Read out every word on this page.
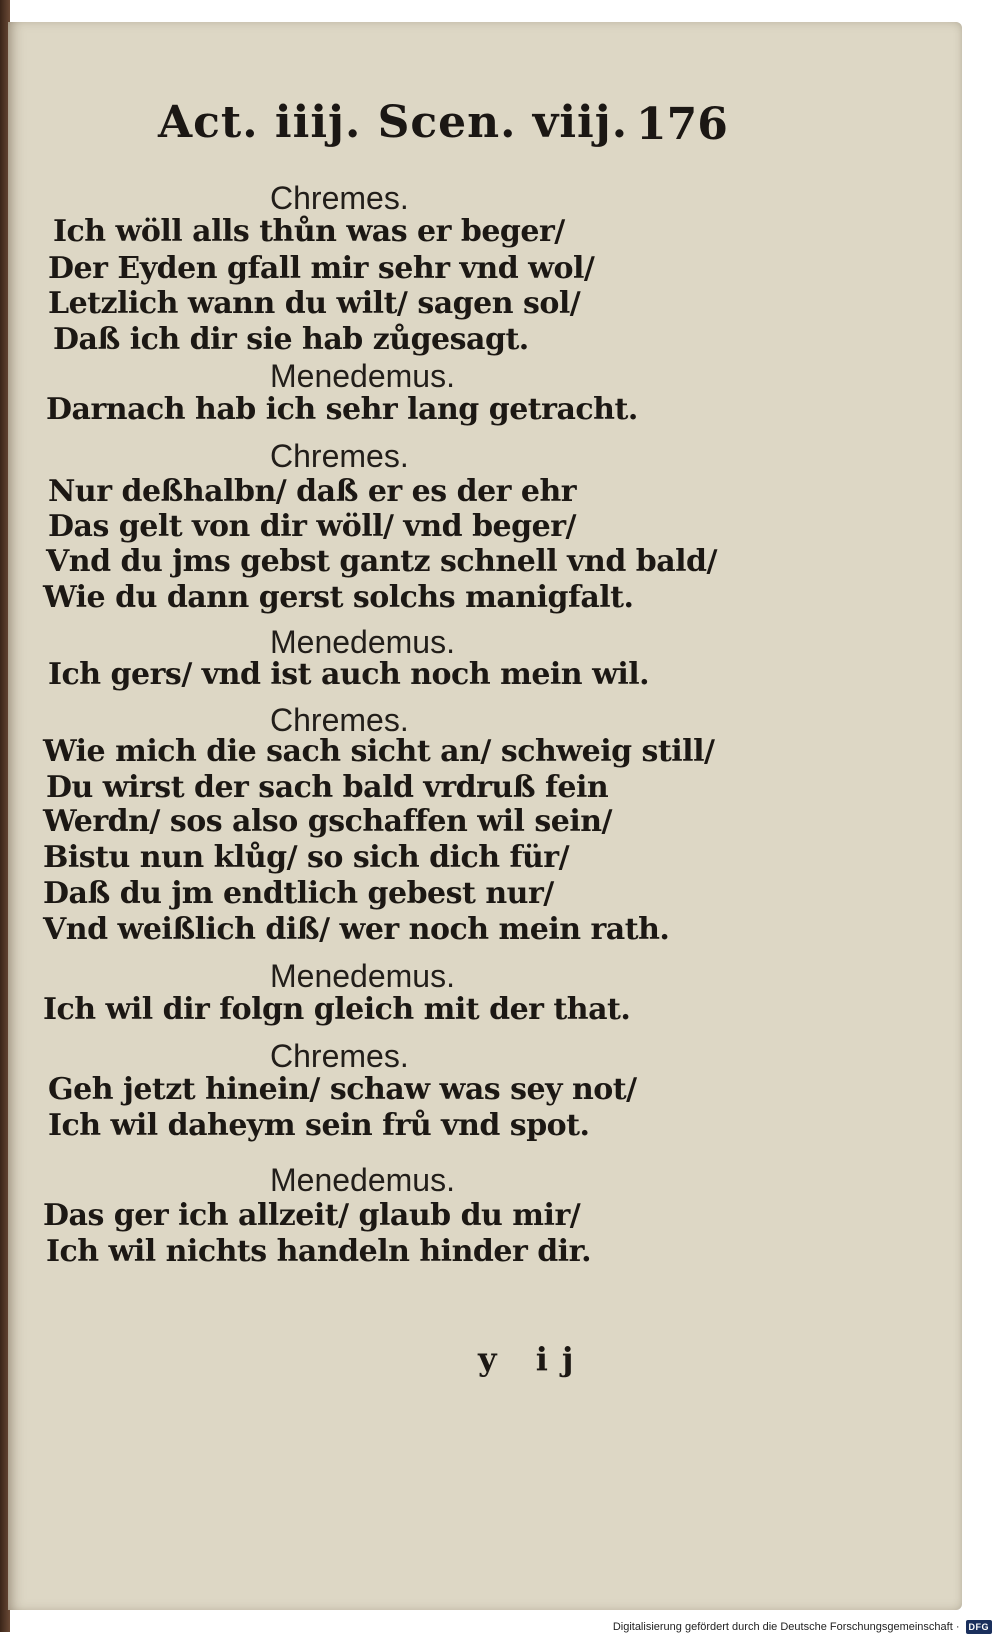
Act. iiij. Scen. viij. 176
Chremes.
Ich wöll alls thůn was er beger/
Der Eyden gfall mir sehr vnd wol/
Letzlich wann du wilt/ sagen sol/
Daß ich dir sie hab zůgesagt.
Menedemus.
Darnach hab ich sehr lang getracht.
Chremes.
Nur deßhalbn/ daß er es der ehr
Das gelt von dir wöll/ vnd beger/
Vnd du jms gebst gantz schnell vnd bald/
Wie du dann gerst solchs manigfalt.
Menedemus.
Ich gers/ vnd ist auch noch mein wil.
Chremes.
Wie mich die sach sicht an/ schweig still/
Du wirst der sach bald vrdruß fein
Werdn/ sos also gschaffen wil sein/
Bistu nun klůg/ so sich dich für/
Daß du jm endtlich gebest nur/
Vnd weißlich diß/ wer noch mein rath.
Menedemus.
Ich wil dir folgn gleich mit der that.
Chremes.
Geh jetzt hinein/ schaw was sey not/
Ich wil daheym sein frů vnd spot.
Menedemus.
Das ger ich allzeit/ glaub du mir/
Ich wil nichts handeln hinder dir.
y ij
Digitalisierung gefördert durch die Deutsche Forschungsgemeinschaft ·	DFG
